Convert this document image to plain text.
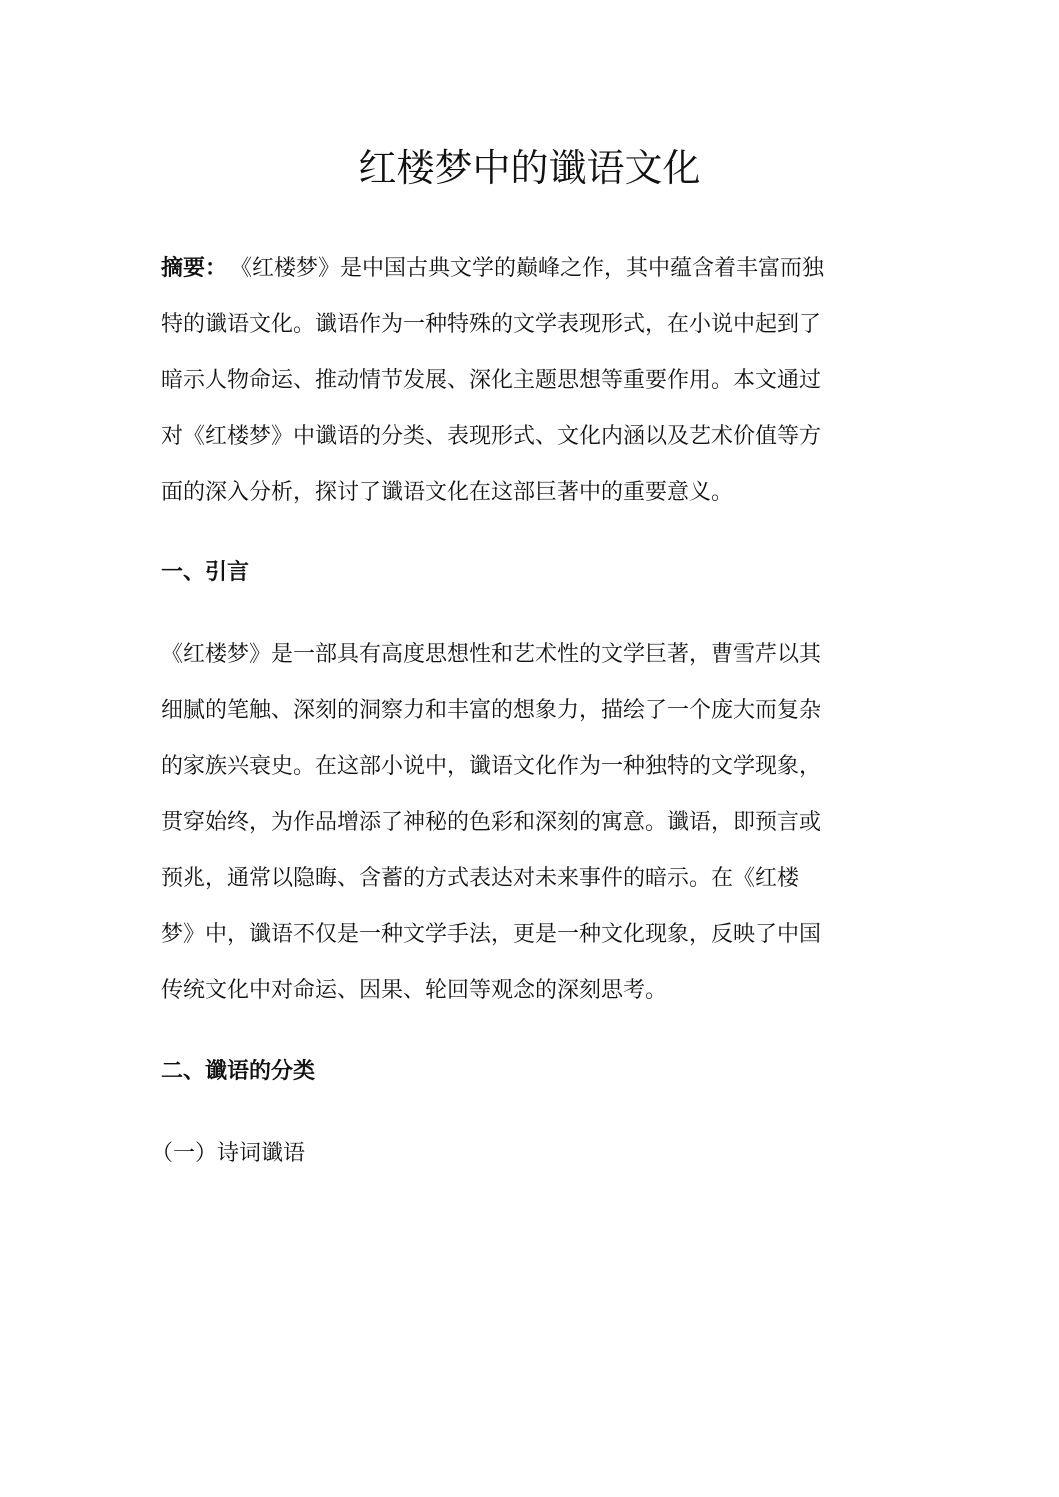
红楼梦中的谶语文化
摘要： 《红楼梦》是中国古典文学的巅峰之作，其中蕴含着丰富而独
特的谶语文化。谶语作为一种特殊的文学表现形式，在小说中起到了
暗示人物命运、推动情节发展、深化主题思想等重要作用。本文通过
对《红楼梦》中谶语的分类、表现形式、文化内涵以及艺术价值等方
面的深入分析，探讨了谶语文化在这部巨著中的重要意义。
一、引言
《红楼梦》是一部具有高度思想性和艺术性的文学巨著，曹雪芹以其
细腻的笔触、深刻的洞察力和丰富的想象力，描绘了一个庞大而复杂
的家族兴衰史。在这部小说中，谶语文化作为一种独特的文学现象，
贯穿始终，为作品增添了神秘的色彩和深刻的寓意。谶语，即预言或
预兆，通常以隐晦、含蓄的方式表达对未来事件的暗示。在《红楼
梦》中，谶语不仅是一种文学手法，更是一种文化现象，反映了中国
传统文化中对命运、因果、轮回等观念的深刻思考。
二、谶语的分类
（一）诗词谶语
